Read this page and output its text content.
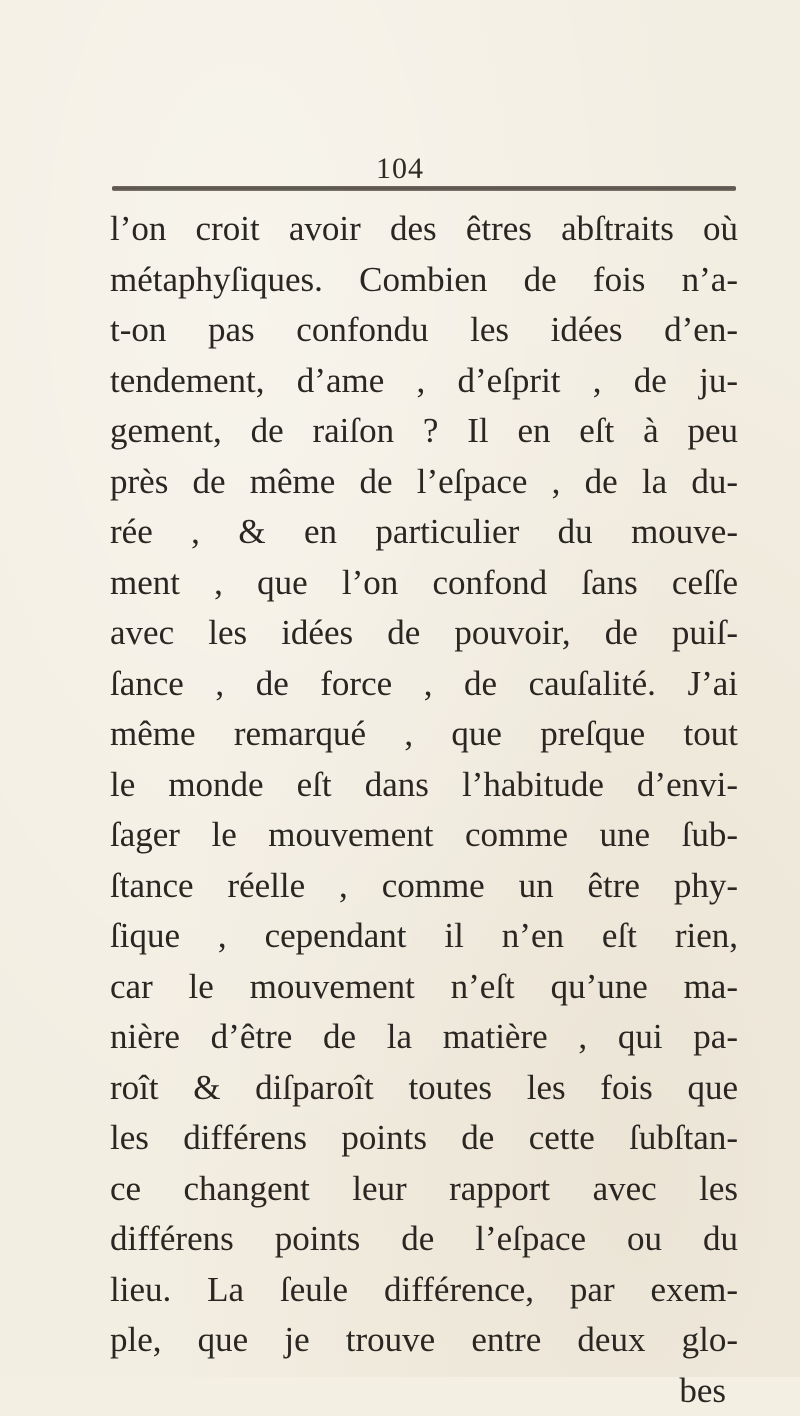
104

l’on croit avoir des êtres abſtraits où
métaphyſiques. Combien de fois n’a-
t-on pas confondu les idées d’en-
tendement, d’ame , d’eſprit , de ju-
gement, de raiſon ? Il en eſt à peu
près de même de l’eſpace , de la du-
rée , & en particulier du mouve-
ment , que l’on confond ſans ceſſe
avec les idées de pouvoir, de puiſ-
ſance , de force , de cauſalité. J’ai
même remarqué , que preſque tout
le monde eſt dans l’habitude d’envi-
ſager le mouvement comme une ſub-
ſtance réelle , comme un être phy-
ſique , cependant il n’en eſt rien,
car le mouvement n’eſt qu’une ma-
nière d’être de la matière , qui pa-
roît & diſparoît toutes les fois que
les différens points de cette ſubſtan-
ce changent leur rapport avec les
différens points de l’eſpace ou du
lieu. La ſeule différence, par exem-
ple, que je trouve entre deux glo-
bes
